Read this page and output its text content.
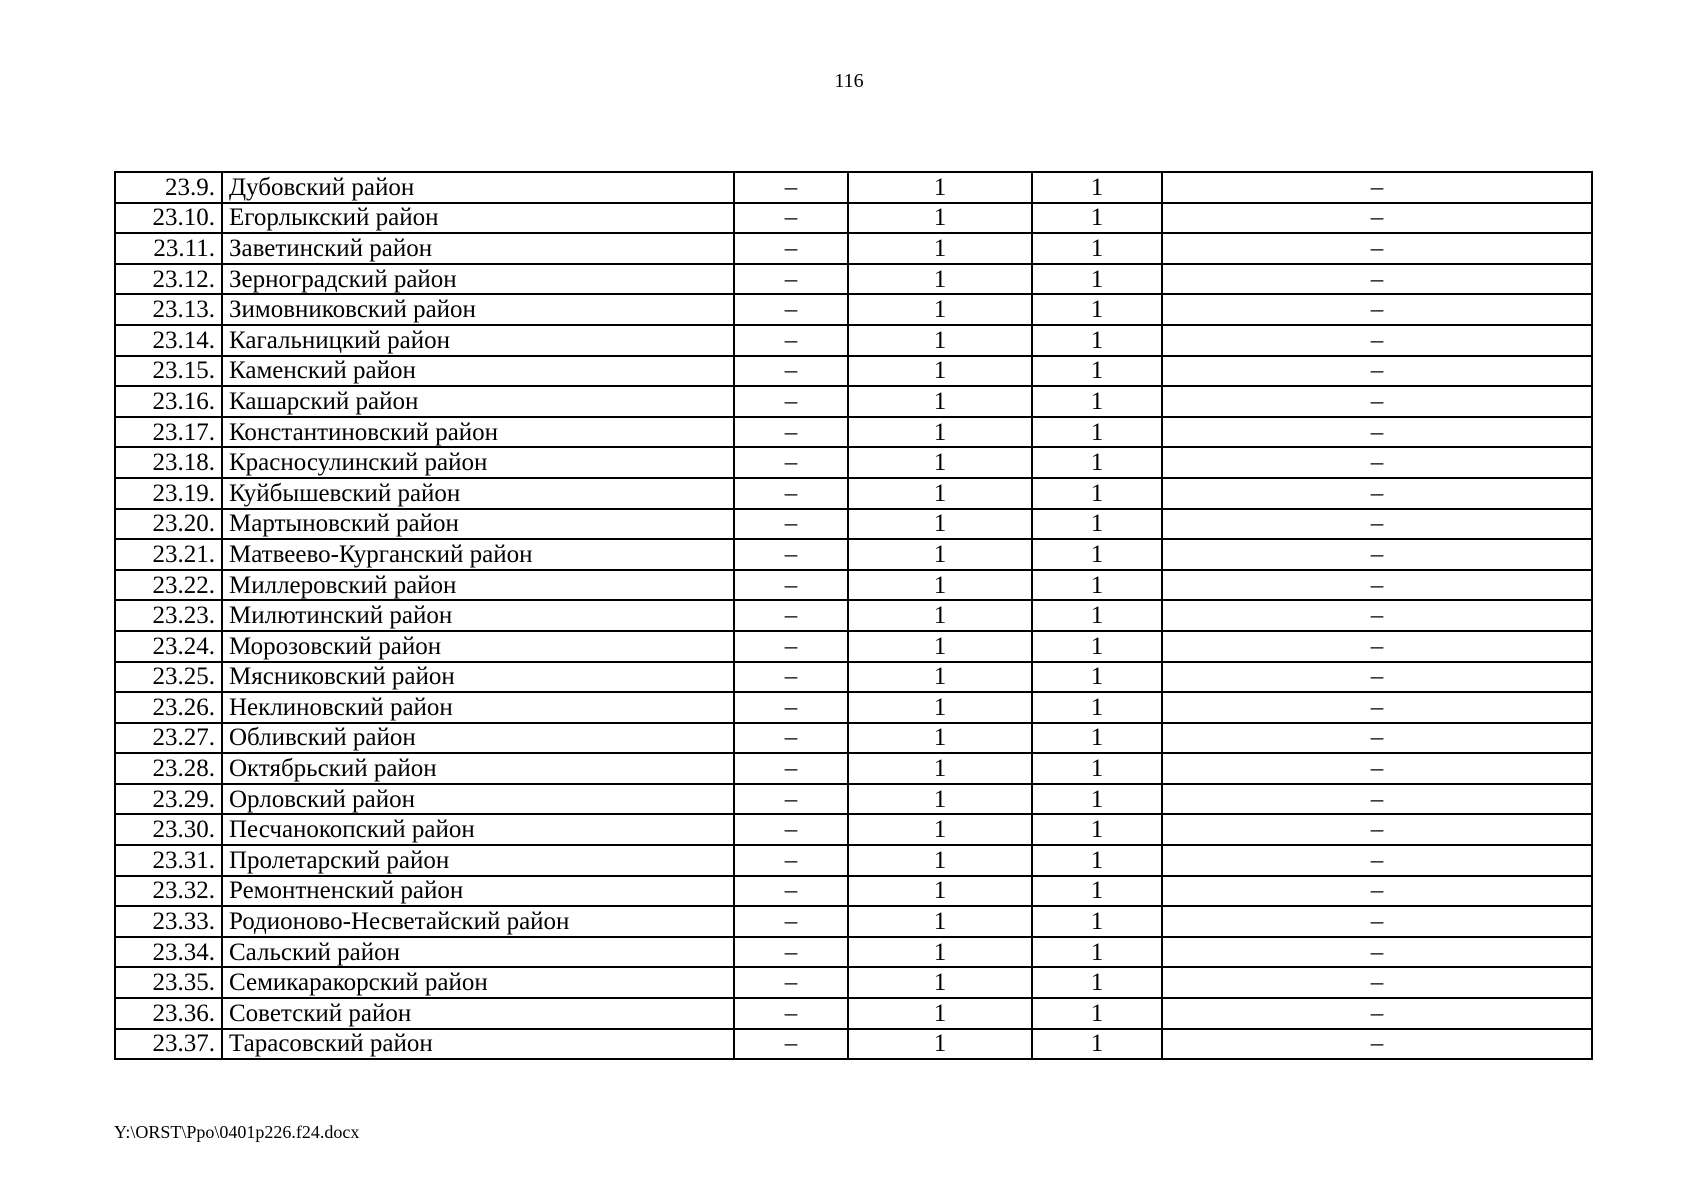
116
23.9.	Дубовский район	–	1	1	–
23.10.	Егорлыкский район	–	1	1	–
23.11.	Заветинский район	–	1	1	–
23.12.	Зерноградский район	–	1	1	–
23.13.	Зимовниковский район	–	1	1	–
23.14.	Кагальницкий район	–	1	1	–
23.15.	Каменский район	–	1	1	–
23.16.	Кашарский район	–	1	1	–
23.17.	Константиновский район	–	1	1	–
23.18.	Красносулинский район	–	1	1	–
23.19.	Куйбышевский район	–	1	1	–
23.20.	Мартыновский район	–	1	1	–
23.21.	Матвеево-Курганский район	–	1	1	–
23.22.	Миллеровский район	–	1	1	–
23.23.	Милютинский район	–	1	1	–
23.24.	Морозовский район	–	1	1	–
23.25.	Мясниковский район	–	1	1	–
23.26.	Неклиновский район	–	1	1	–
23.27.	Обливский район	–	1	1	–
23.28.	Октябрьский район	–	1	1	–
23.29.	Орловский район	–	1	1	–
23.30.	Песчанокопский район	–	1	1	–
23.31.	Пролетарский район	–	1	1	–
23.32.	Ремонтненский район	–	1	1	–
23.33.	Родионово-Несветайский район	–	1	1	–
23.34.	Сальский район	–	1	1	–
23.35.	Семикаракорский район	–	1	1	–
23.36.	Советский район	–	1	1	–
23.37.	Тарасовский район	–	1	1	–
Y:\ORST\Ppo\0401p226.f24.docx
